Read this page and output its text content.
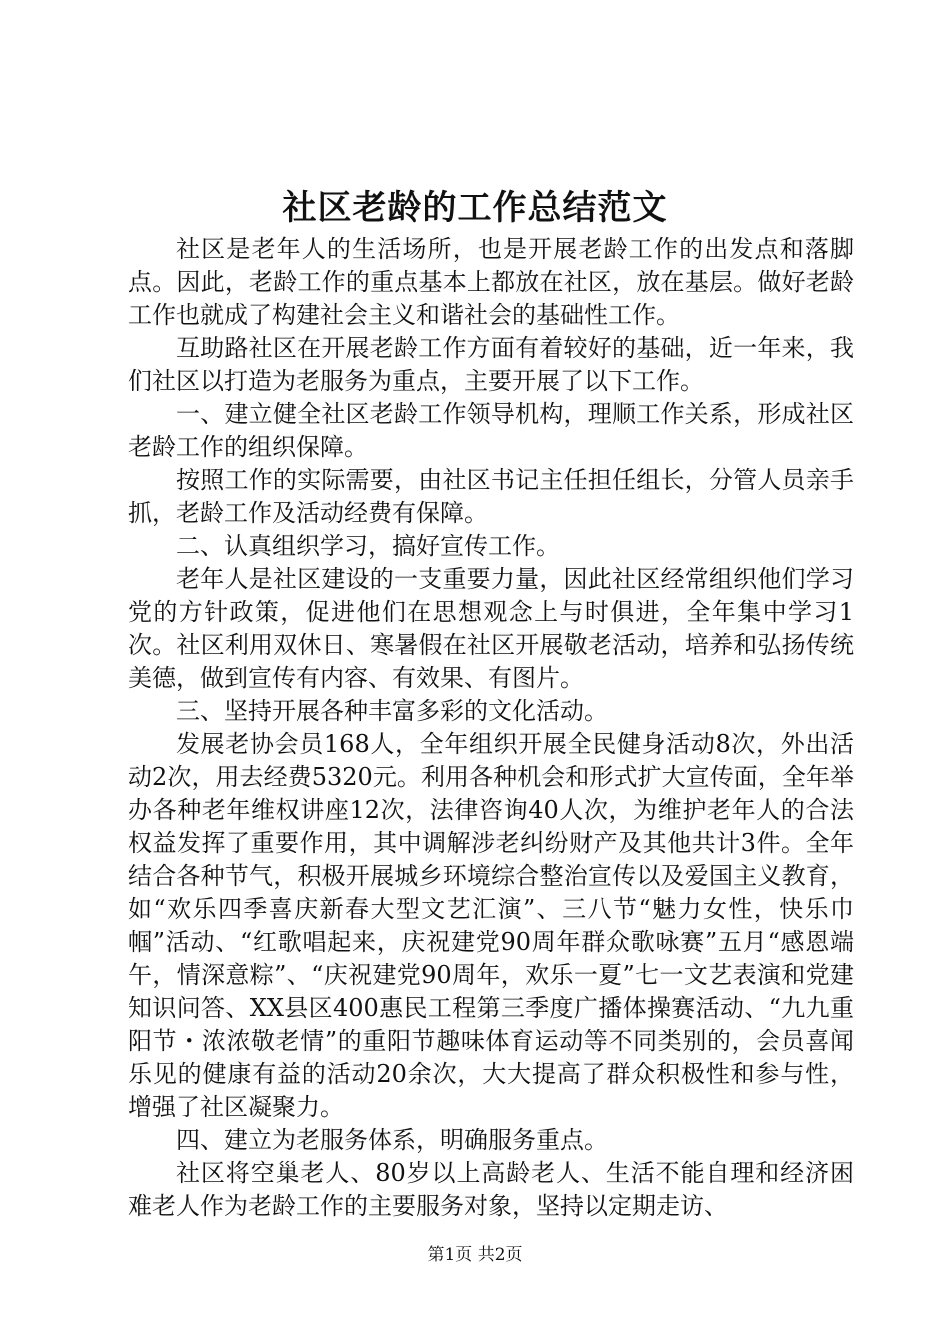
社区老龄的工作总结范文

社区是老年人的生活场所，也是开展老龄工作的出发点和落脚点。因此，老龄工作的重点基本上都放在社区，放在基层。做好老龄工作也就成了构建社会主义和谐社会的基础性工作。

互助路社区在开展老龄工作方面有着较好的基础，近一年来，我们社区以打造为老服务为重点，主要开展了以下工作。

一、建立健全社区老龄工作领导机构，理顺工作关系，形成社区老龄工作的组织保障。

按照工作的实际需要，由社区书记主任担任组长，分管人员亲手抓，老龄工作及活动经费有保障。

二、认真组织学习，搞好宣传工作。

老年人是社区建设的一支重要力量，因此社区经常组织他们学习党的方针政策，促进他们在思想观念上与时俱进，全年集中学习1次。社区利用双休日、寒暑假在社区开展敬老活动，培养和弘扬传统美德，做到宣传有内容、有效果、有图片。

三、坚持开展各种丰富多彩的文化活动。

发展老协会员168人，全年组织开展全民健身活动8次，外出活动2次，用去经费5320元。利用各种机会和形式扩大宣传面，全年举办各种老年维权讲座12次，法律咨询40人次，为维护老年人的合法权益发挥了重要作用，其中调解涉老纠纷财产及其他共计3件。全年结合各种节气，积极开展城乡环境综合整治宣传以及爱国主义教育，如“欢乐四季喜庆新春大型文艺汇演”、三八节“魅力女性，快乐巾帼”活动、“红歌唱起来，庆祝建党90周年群众歌咏赛”五月“感恩端午，情深意粽”、“庆祝建党90周年，欢乐一夏”七一文艺表演和党建知识问答、XX县区400惠民工程第三季度广播体操赛活动、“九九重阳节・浓浓敬老情”的重阳节趣味体育运动等不同类别的，会员喜闻乐见的健康有益的活动20余次，大大提高了群众积极性和参与性，增强了社区凝聚力。

四、建立为老服务体系，明确服务重点。

社区将空巢老人、80岁以上高龄老人、生活不能自理和经济困难老人作为老龄工作的主要服务对象，坚持以定期走访、

第1页 共2页
